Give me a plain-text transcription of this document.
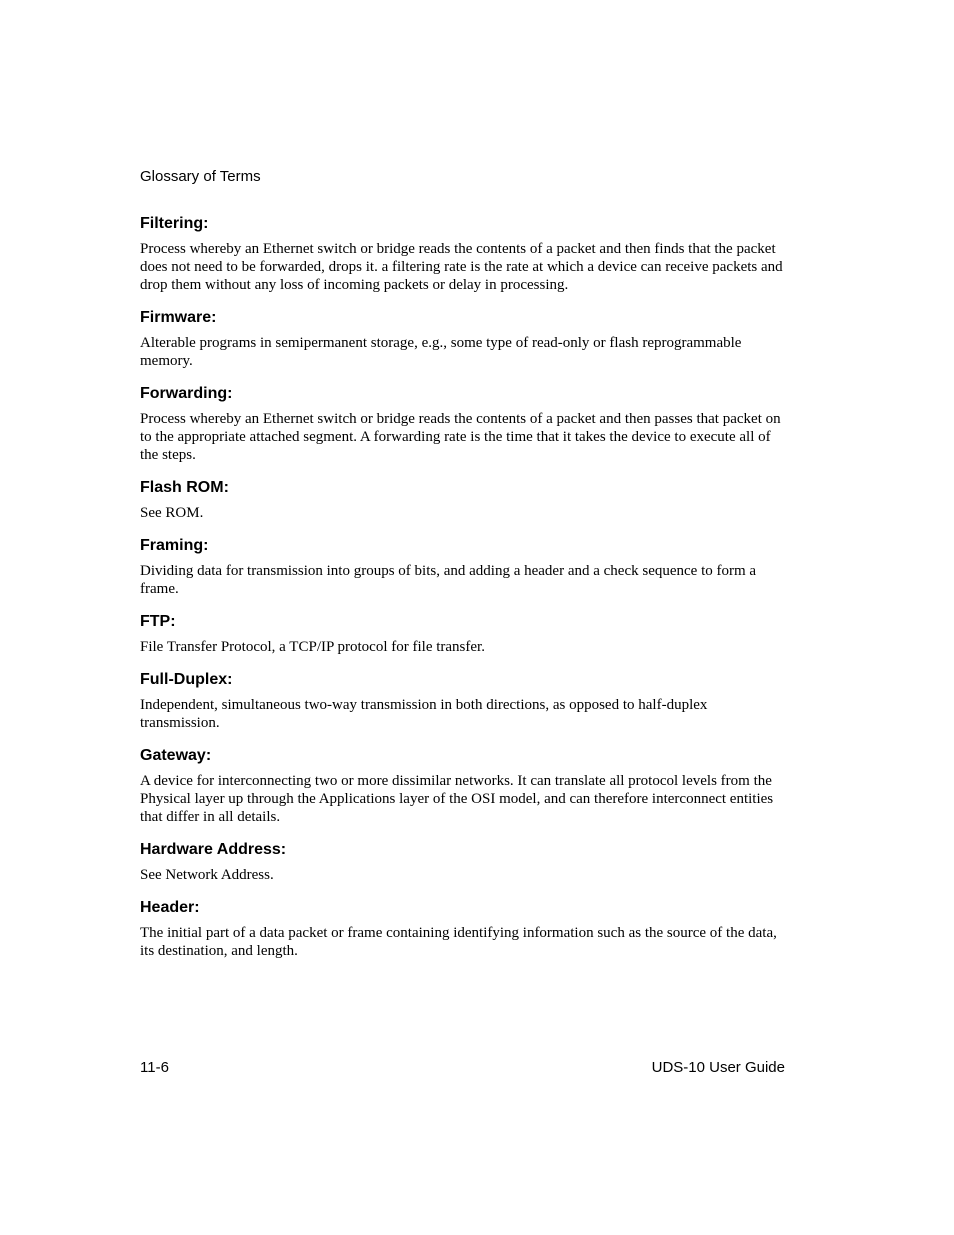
Glossary of Terms
Filtering:

Process whereby an Ethernet switch or bridge reads the contents of a packet and then finds that the packet does not need to be forwarded, drops it. a filtering rate is the rate at which a device can receive packets and drop them without any loss of incoming packets or delay in processing.

Firmware:

Alterable programs in semipermanent storage, e.g., some type of read-only or flash reprogrammable memory.

Forwarding:

Process whereby an Ethernet switch or bridge reads the contents of a packet and then passes that packet on to the appropriate attached segment. A forwarding rate is the time that it takes the device to execute all of the steps.

Flash ROM:

See ROM.

Framing:

Dividing data for transmission into groups of bits, and adding a header and a check sequence to form a frame.

FTP:

File Transfer Protocol, a TCP/IP protocol for file transfer.

Full-Duplex:

Independent, simultaneous two-way transmission in both directions, as opposed to half-duplex transmission.

Gateway:

A device for interconnecting two or more dissimilar networks. It can translate all protocol levels from the Physical layer up through the Applications layer of the OSI model, and can therefore interconnect entities that differ in all details.

Hardware Address:

See Network Address.

Header:

The initial part of a data packet or frame containing identifying information such as the source of the data, its destination, and length.

11-6	UDS-10 User Guide
